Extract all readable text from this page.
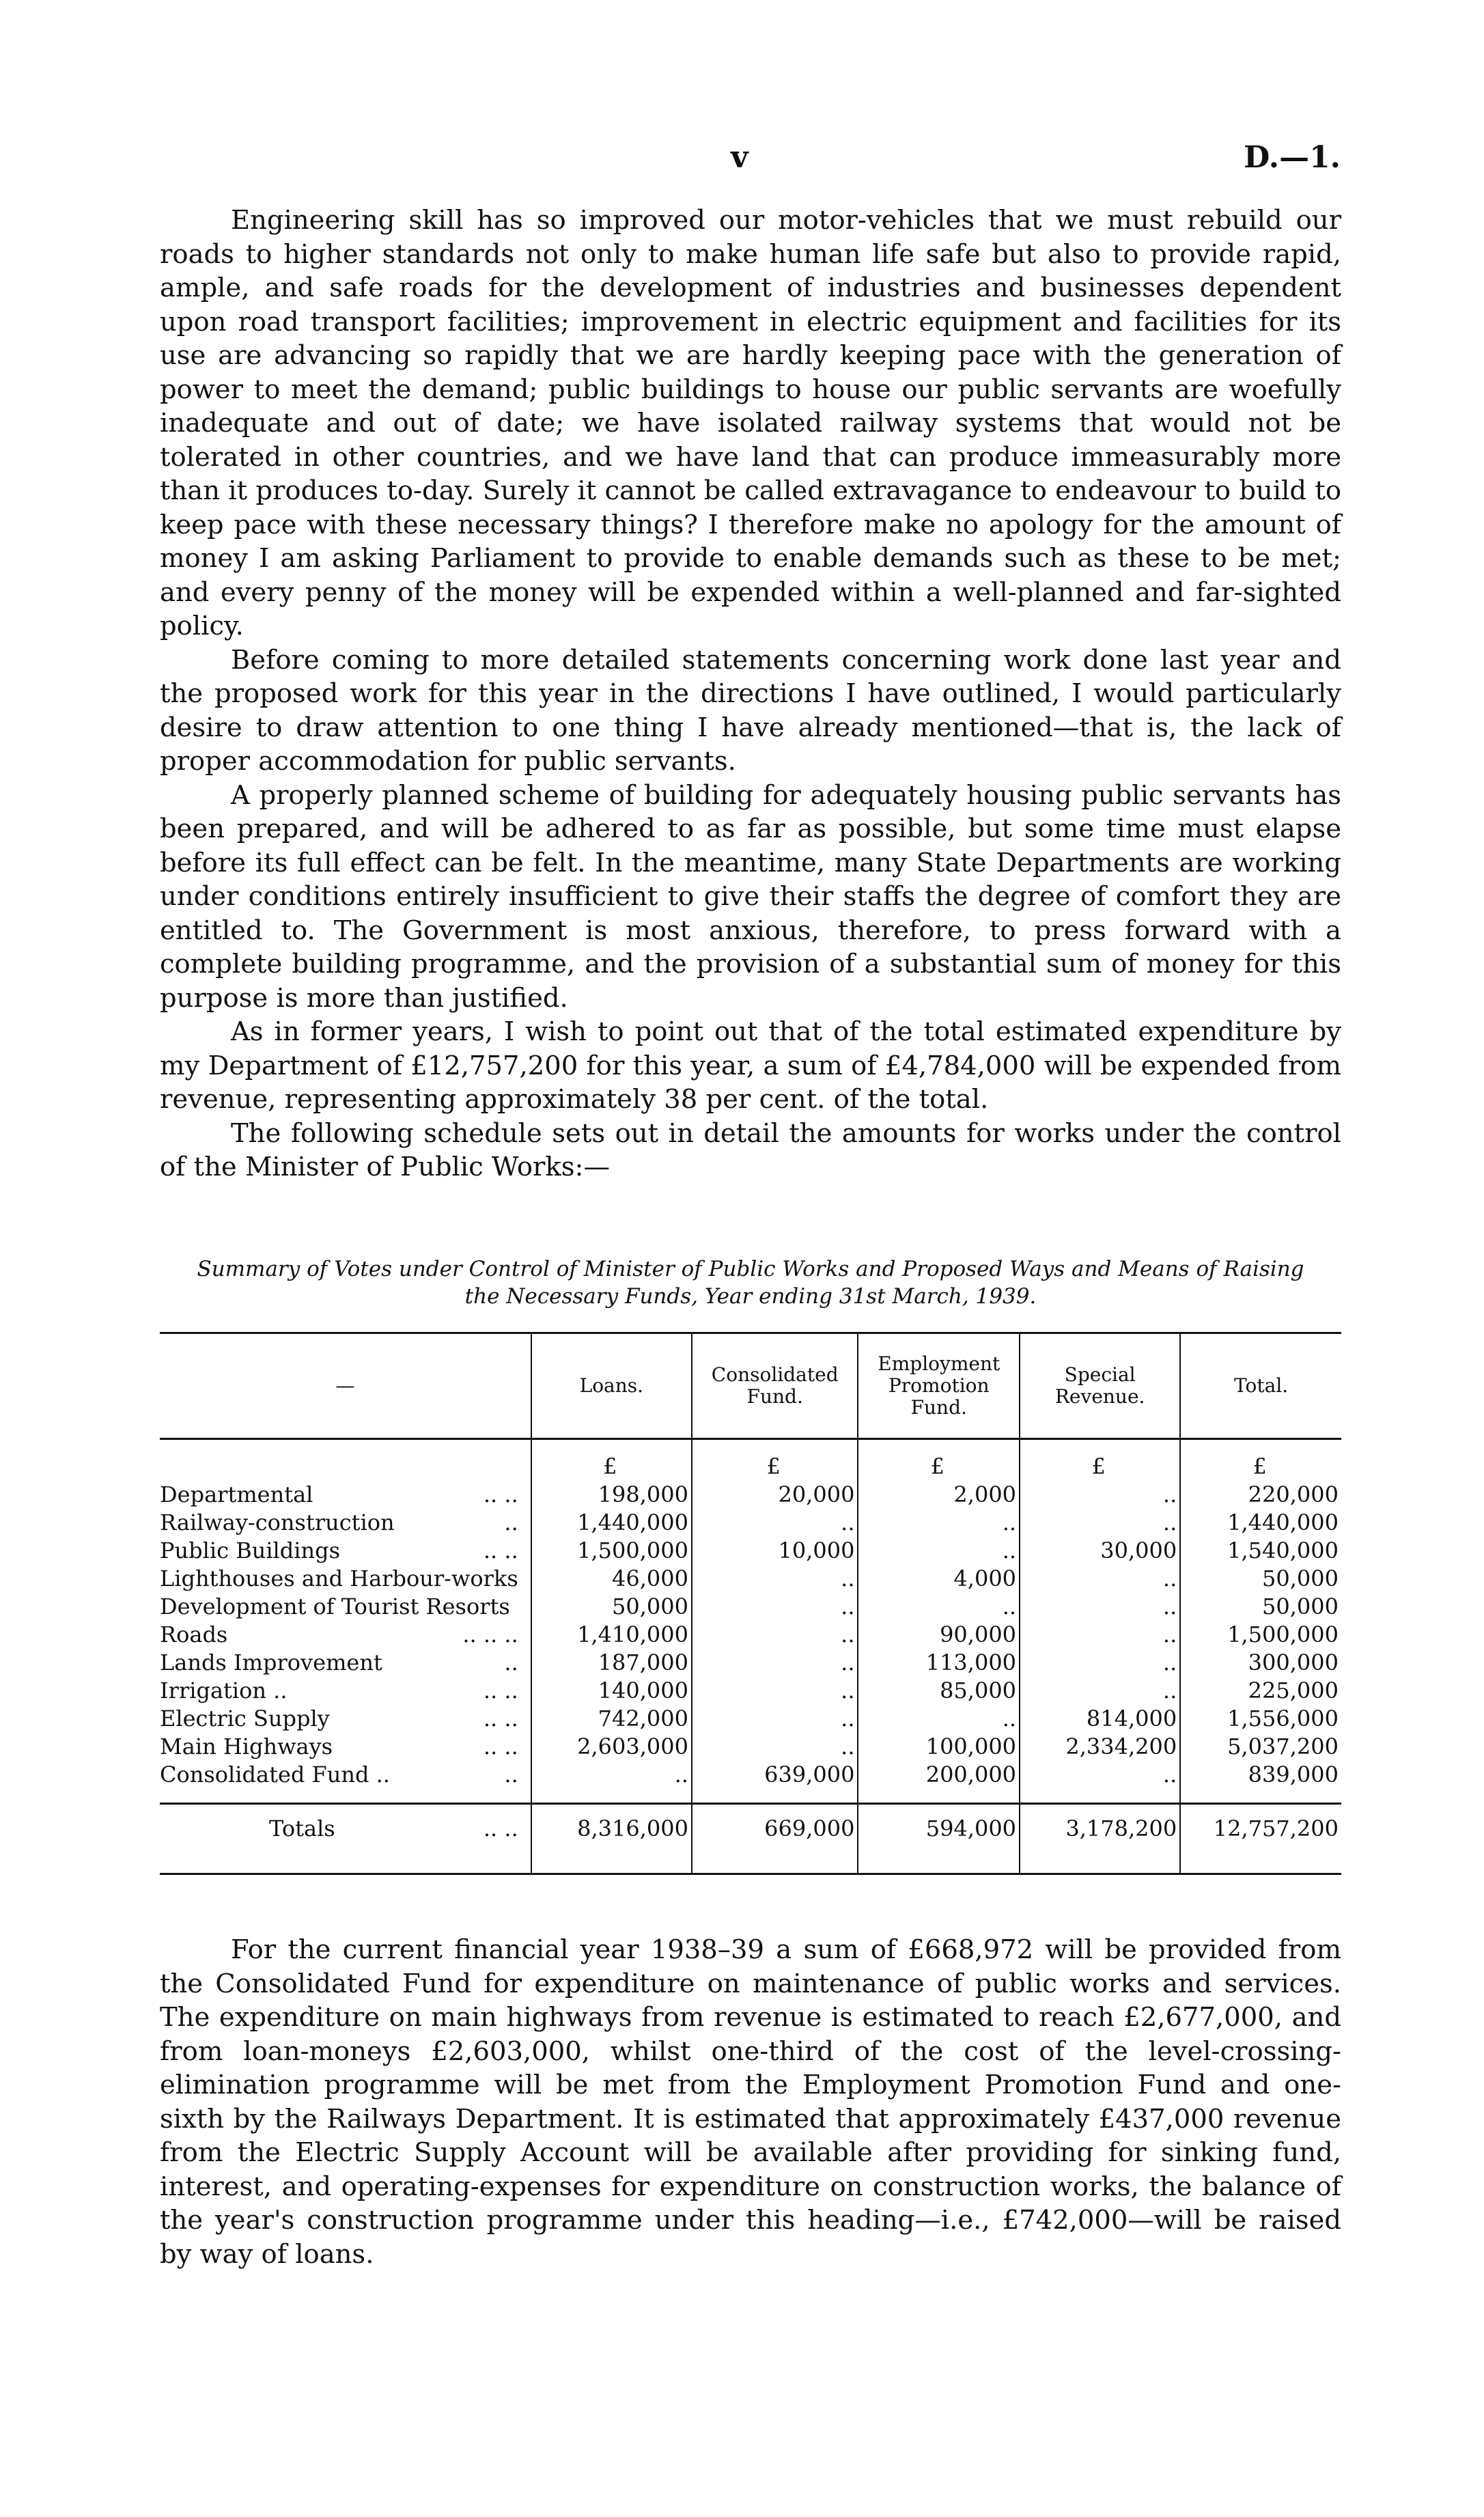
v	D.—1.

Engineering skill has so improved our motor-vehicles that we must rebuild our roads to higher standards not only to make human life safe but also to provide rapid, ample, and safe roads for the development of industries and businesses dependent upon road transport facilities; improvement in electric equipment and facilities for its use are advancing so rapidly that we are hardly keeping pace with the generation of power to meet the demand; public buildings to house our public servants are woefully inadequate and out of date; we have isolated railway systems that would not be tolerated in other countries, and we have land that can produce immeasurably more than it produces to-day. Surely it cannot be called extravagance to endeavour to build to keep pace with these necessary things? I therefore make no apology for the amount of money I am asking Parliament to provide to enable demands such as these to be met; and every penny of the money will be expended within a well-planned and far-sighted policy.

Before coming to more detailed statements concerning work done last year and the proposed work for this year in the directions I have outlined, I would particularly desire to draw attention to one thing I have already mentioned—that is, the lack of proper accommodation for public servants.

A properly planned scheme of building for adequately housing public servants has been prepared, and will be adhered to as far as possible, but some time must elapse before its full effect can be felt. In the meantime, many State Departments are working under conditions entirely insufficient to give their staffs the degree of comfort they are entitled to. The Government is most anxious, therefore, to press forward with a complete building programme, and the provision of a substantial sum of money for this purpose is more than justified.

As in former years, I wish to point out that of the total estimated expenditure by my Department of £12,757,200 for this year, a sum of £4,784,000 will be expended from revenue, representing approximately 38 per cent. of the total.

The following schedule sets out in detail the amounts for works under the control of the Minister of Public Works:—

Summary of Votes under Control of Minister of Public Works and Proposed Ways and Means of Raising
the Necessary Funds, Year ending 31st March, 1939.
—	Loans.	Consolidated Fund.	Employment Promotion Fund.	Special Revenue.	Total.
	£	£	£	£	£

Departmental .. ..	198,000	20,000	2,000	..	220,000

Railway-construction ..	1,440,000	..	..	..	1,440,000

Public Buildings .. ..	1,500,000	10,000	..	30,000	1,540,000

Lighthouses and Harbour-works	46,000	..	4,000	..	50,000

Development of Tourist Resorts	50,000	..	..	..	50,000

Roads .. .. ..	1,410,000	..	90,000	..	1,500,000

Lands Improvement ..	187,000	..	113,000	..	300,000

Irrigation .. .. ..	140,000	..	85,000	..	225,000

Electric Supply .. ..	742,000	..	..	814,000	1,556,000

Main Highways .. ..	2,603,000	..	100,000	2,334,200	5,037,200

Consolidated Fund .. ..	..	639,000	200,000	..	839,000

Totals .. ..	8,316,000	669,000	594,000	3,178,200	12,757,200

For the current financial year 1938–39 a sum of £668,972 will be provided from the Consolidated Fund for expenditure on maintenance of public works and services. The expenditure on main highways from revenue is estimated to reach £2,677,000, and from loan-moneys £2,603,000, whilst one-third of the cost of the level-crossing-elimination programme will be met from the Employment Promotion Fund and one-sixth by the Railways Department. It is estimated that approximately £437,000 revenue from the Electric Supply Account will be available after providing for sinking fund, interest, and operating-expenses for expenditure on construction works, the balance of the year's construction programme under this heading—i.e., £742,000—will be raised by way of loans.
